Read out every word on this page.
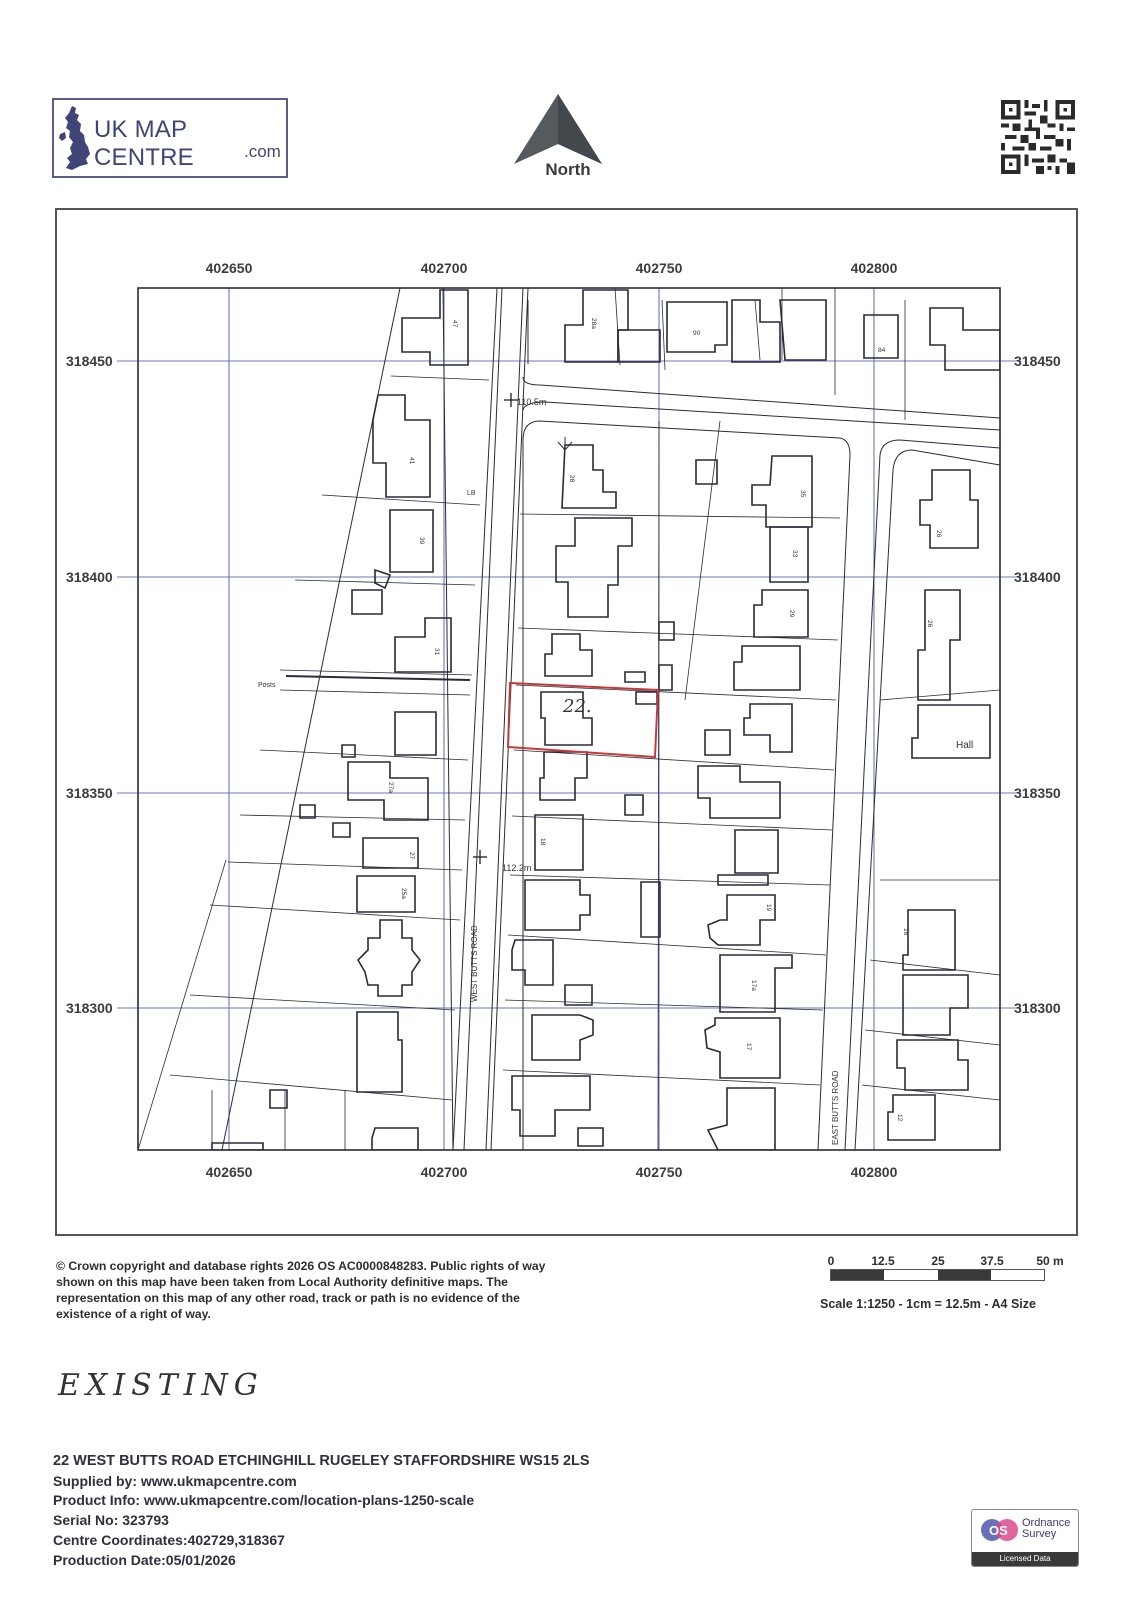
UK MAP CENTRE	.com
North
110.5m
112.2m
LB
Posts
Hall
22.
WEST BUTTS ROAD
EAST BUTTS ROAD
47	28a
90
84
41
28
35
39
33
26
29
31
27a
27
25a
18
19
17a
17
16
12
26
402650	402700	402750	402800
402650	402700	402750	402800
318450
318400
318350
318300
318450
318400
318350
318300
© Crown copyright and database rights 2026 OS AC0000848283. Public rights of way shown on this map have been taken from Local Authority definitive maps. The representation on this map of any other road, track or path is no evidence of the existence of a right of way.
0	12.5	25	37.5	50 m
Scale 1:1250 - 1cm = 12.5m - A4 Size
EXISTING
22 WEST BUTTS ROAD ETCHINGHILL RUGELEY STAFFORDSHIRE WS15 2LS
Supplied by: www.ukmapcentre.com
Product Info: www.ukmapcentre.com/location-plans-1250-scale
Serial No: 323793
Centre Coordinates:402729,318367
Production Date:05/01/2026
OS Ordnance
Survey
Licensed Data
